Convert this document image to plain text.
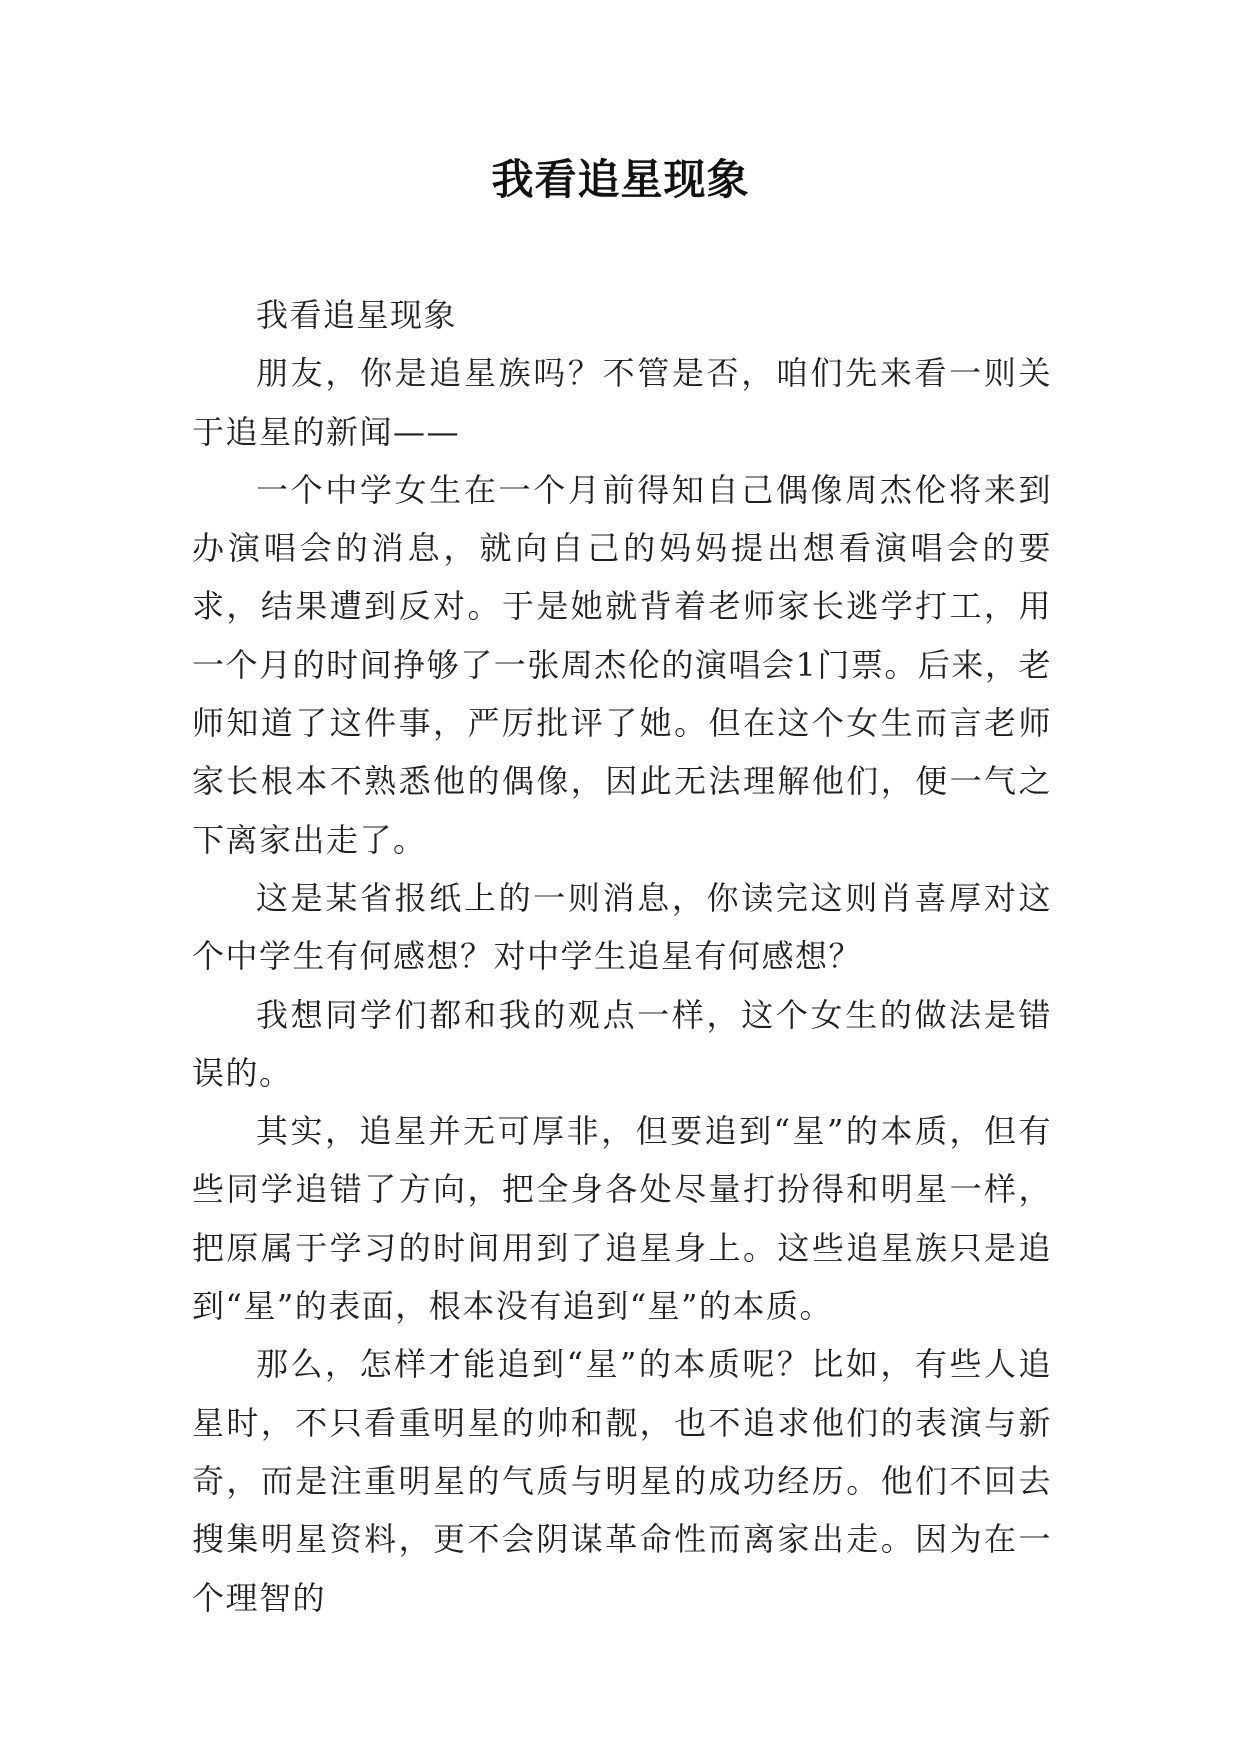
我看追星现象

我看追星现象

朋友，你是追星族吗？不管是否，咱们先来看一则关于追星的新闻——

一个中学女生在一个月前得知自己偶像周杰伦将来到办演唱会的消息，就向自己的妈妈提出想看演唱会的要求，结果遭到反对。于是她就背着老师家长逃学打工，用一个月的时间挣够了一张周杰伦的演唱会1门票。后来，老师知道了这件事，严厉批评了她。但在这个女生而言老师家长根本不熟悉他的偶像，因此无法理解他们，便一气之下离家出走了。

这是某省报纸上的一则消息，你读完这则肖喜厚对这个中学生有何感想？对中学生追星有何感想？

我想同学们都和我的观点一样，这个女生的做法是错误的。

其实，追星并无可厚非，但要追到“星”的本质，但有些同学追错了方向，把全身各处尽量打扮得和明星一样，把原属于学习的时间用到了追星身上。这些追星族只是追到“星”的表面，根本没有追到“星”的本质。

那么，怎样才能追到“星”的本质呢？比如，有些人追星时，不只看重明星的帅和靓，也不追求他们的表演与新奇，而是注重明星的气质与明星的成功经历。他们不回去搜集明星资料，更不会阴谋革命性而离家出走。因为在一个理智的
